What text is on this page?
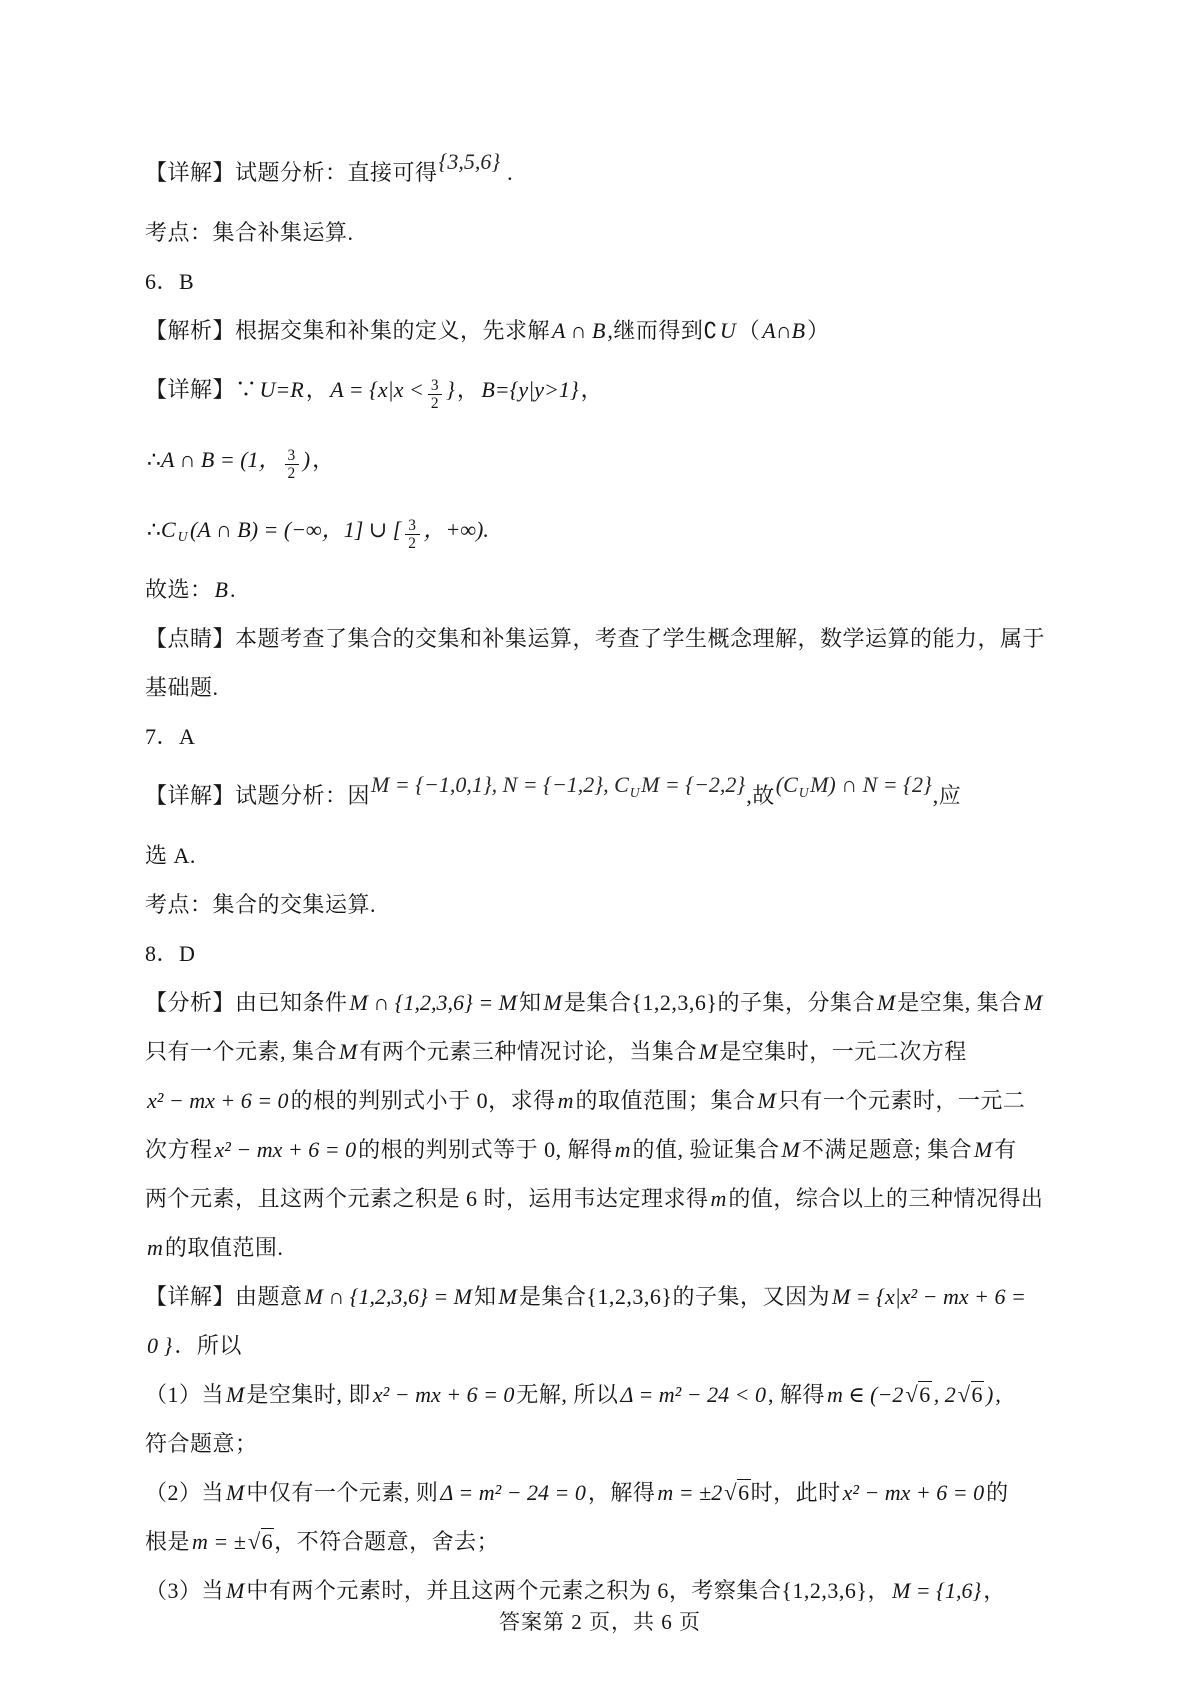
【详解】试题分析：直接可得{3,5,6} .
考点：集合补集运算.
6．B
【解析】根据交集和补集的定义，先求解A ∩ B,继而得到∁U（A∩B）
【详解】∵U=R，$A = \{x|x < \frac{3}{2}$ }，B={y|y>1}，
∴A ∩ B = (1， $\frac{3}{2}$ )，
∴C $_U$(A ∩ B) = (−∞，1] ∪ [ $\frac{3}{2}$ ，+∞).
故选：B.
【点睛】本题考查了集合的交集和补集运算，考查了学生概念理解，数学运算的能力，属于
基础题.
7．A
【详解】试题分析：因M = {−1,0,1}, N = {−1,2}, $C^UM = \{-2,2\}$,故$(C^UM)$ ∩ N = {2},应
选 A.
考点：集合的交集运算.
8．D
【分析】由已知条件M ∩ {1,2,3,6} = M知M是集合{1,2,3,6}的子集，分集合M是空集, 集合M
只有一个元素, 集合M有两个元素三种情况讨论，当集合M是空集时，一元二次方程
x² − mx + 6 = 0的根的判别式小于 0，求得m的取值范围；集合M只有一个元素时，一元二
次方程x² − mx + 6 = 0的根的判别式等于 0, 解得m的值, 验证集合M不满足题意; 集合M有
两个元素，且这两个元素之积是 6 时，运用韦达定理求得m的值，综合以上的三种情况得出
m的取值范围.
【详解】由题意M ∩ {1,2,3,6} = M知M是集合{1,2,3,6}的子集，又因为M = {x|x² − mx + 6 =
0 }．所以
（1）当M是空集时, 即x² − mx + 6 = 0无解, 所以Δ = m² − 24 < 0, 解得m ∈ (−2√6 , 2√6 ),
符合题意；
（2）当M中仅有一个元素, 则Δ = m² − 24 = 0，解得m = ±2√6时，此时x² − mx + 6 = 0的
根是m = ±√6，不符合题意，舍去；
（3）当M中有两个元素时，并且这两个元素之积为 6，考察集合{1,2,3,6}，M = {1,6}，
答案第 2 页，共 6 页
